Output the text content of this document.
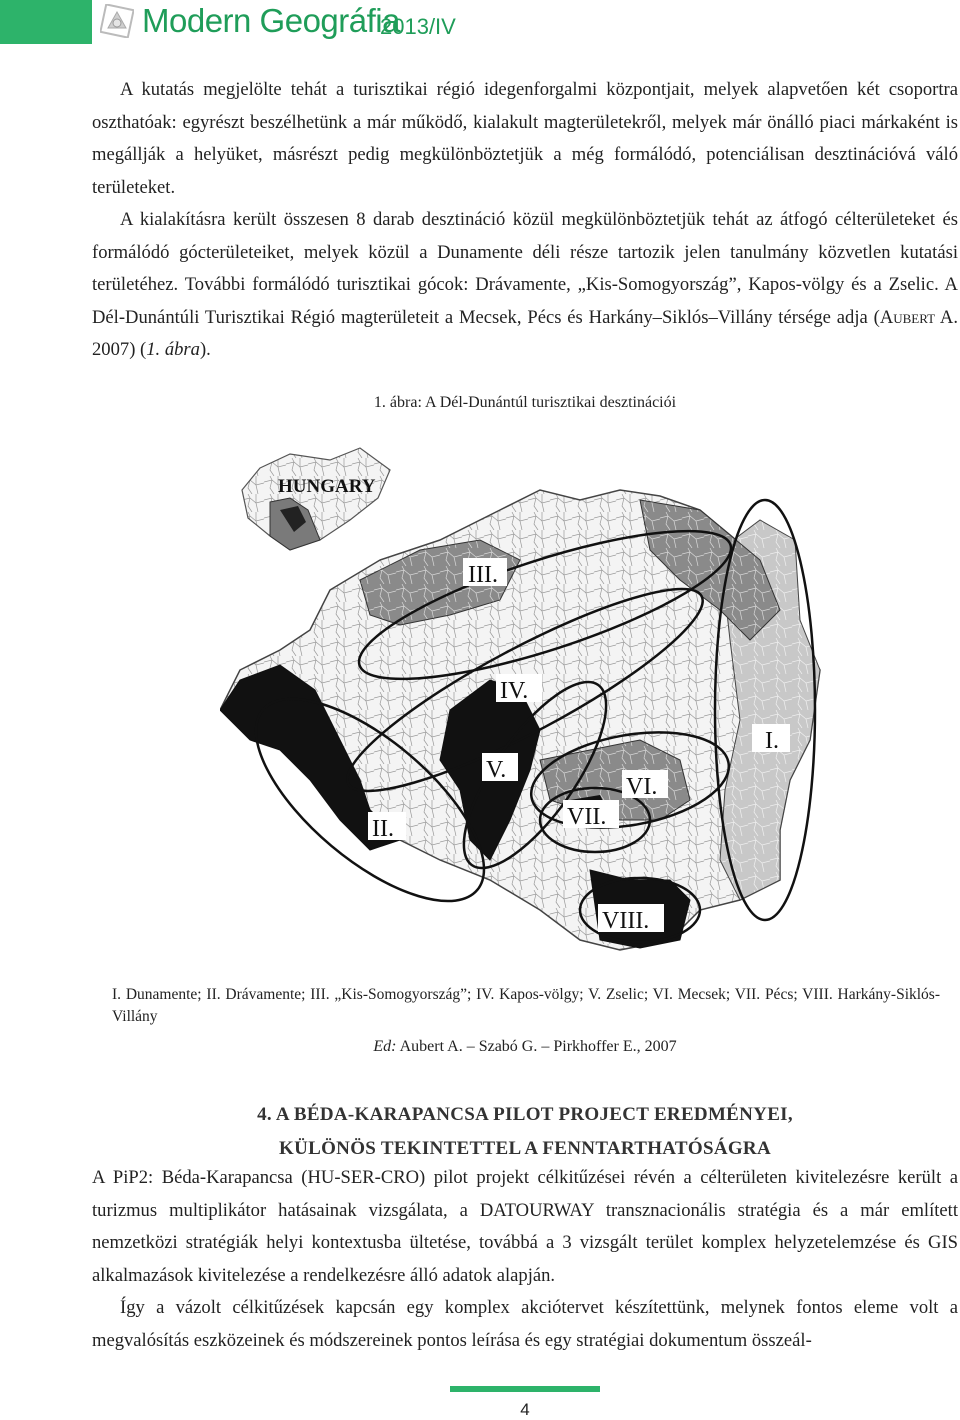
Modern Geográfia
2013/IV

A kutatás megjelölte tehát a turisztikai régió idegenforgalmi központjait, melyek alapvetően két csoportra oszthatóak: egyrészt beszélhetünk a már működő, kialakult magterületekről, melyek már önálló piaci márkaként is megállják a helyüket, másrészt pedig megkülönböztetjük a még formálódó, potenciálisan desztinációvá váló területeket.

A kialakításra került összesen 8 darab desztináció közül megkülönböztetjük tehát az átfogó célterületeket és formálódó gócterületeiket, melyek közül a Dunamente déli része tartozik jelen tanulmány közvetlen kutatási területéhez. További formálódó turisztikai gócok: Drávamente, „Kis-Somogyország”, Kapos-völgy és a Zselic. A Dél-Dunántúli Turisztikai Régió magterületeit a Mecsek, Pécs és Harkány–Siklós–Villány térsége adja (Aubert A. 2007) (1. ábra).

1. ábra: A Dél-Dunántúl turisztikai desztinációi
HUNGARY
III.
IV.
I.
V.
VI.
II.	VII.
VIII.

I. Dunamente; II. Drávamente; III. „Kis-Somogyország”; IV. Kapos-völgy; V. Zselic; VI. Mecsek; VII. Pécs; VIII. Harkány-Siklós-Villány

Ed: Aubert A. – Szabó G. – Pirkhoffer E., 2007
4. A BÉDA-KARAPANCSA PILOT PROJECT EREDMÉNYEI,
KÜLÖNÖS TEKINTETTEL A FENNTARTHATÓSÁGRA

A PiP2: Béda-Karapancsa (HU-SER-CRO) pilot projekt célkitűzései révén a célterületen kivitelezésre került a turizmus multiplikátor hatásainak vizsgálata, a DATOURWAY transznacionális stratégia és a már említett nemzetközi stratégiák helyi kontextusba ültetése, továbbá a 3 vizsgált terület komplex helyzetelemzése és GIS alkalmazások kivitelezése a rendelkezésre álló adatok alapján.

Így a vázolt célkitűzések kapcsán egy komplex akciótervet készítettünk, melynek fontos eleme volt a megvalósítás eszközeinek és módszereinek pontos leírása és egy stratégiai dokumentum összeál-

4
